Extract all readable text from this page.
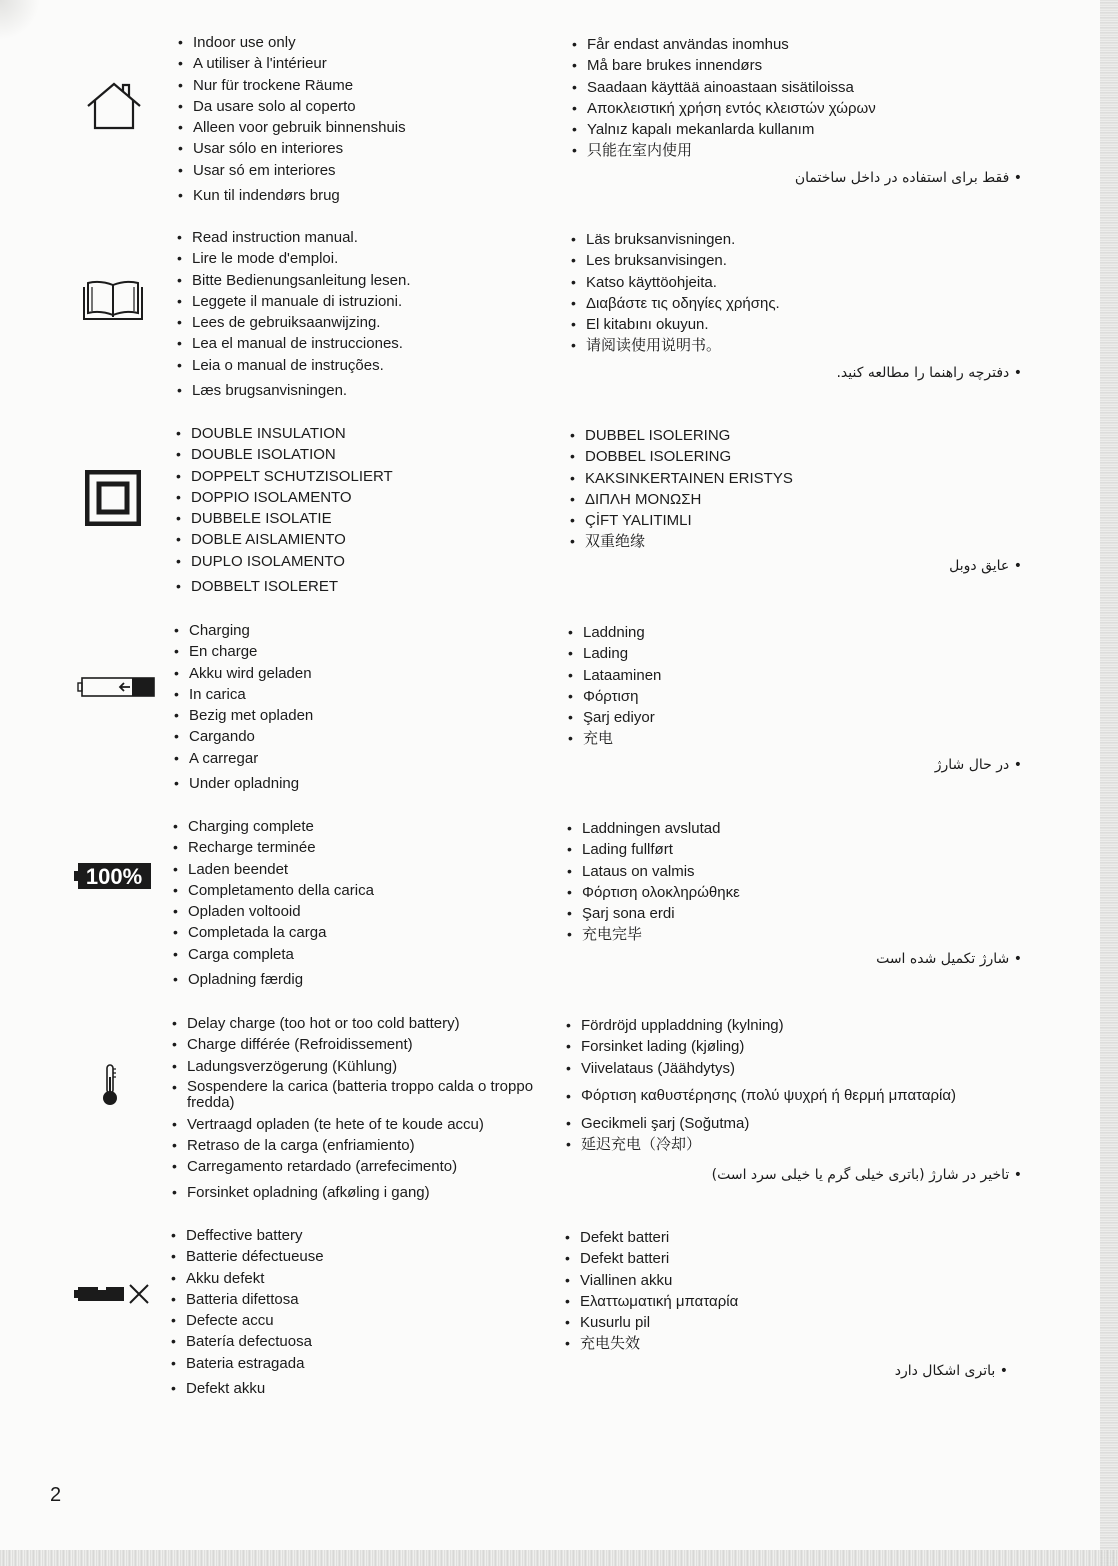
• Indoor use only
• A utiliser à l'intérieur
• Nur für trockene Räume
• Da usare solo al coperto
• Alleen voor gebruik binnenshuis
• Usar sólo en interiores
• Usar só em interiores
• Kun til indendørs brug
• Får endast användas inomhus
• Må bare brukes innendørs
• Saadaan käyttää ainoastaan sisätiloissa
• Αποκλειστική χρήση εντός κλειστών χώρων
• Yalnız kapalı mekanlarda kullanım
• 只能在室内使用
• فقط برای استفاده در داخل ساختمان
• Read instruction manual.
• Lire le mode d'emploi.
• Bitte Bedienungsanleitung lesen.
• Leggete il manuale di istruzioni.
• Lees de gebruiksaanwijzing.
• Lea el manual de instrucciones.
• Leia o manual de instruções.
• Læs brugsanvisningen.
• Läs bruksanvisningen.
• Les bruksanvisingen.
• Katso käyttöohjeita.
• Διαβάστε τις οδηγίες χρήσης.
• El kitabını okuyun.
• 请阅读使用说明书。
• دفترچه راهنما را مطالعه کنید.
• DOUBLE INSULATION
• DOUBLE ISOLATION
• DOPPELT SCHUTZISOLIERT
• DOPPIO ISOLAMENTO
• DUBBELE ISOLATIE
• DOBLE AISLAMIENTO
• DUPLO ISOLAMENTO
• DOBBELT ISOLERET
• DUBBEL ISOLERING
• DOBBEL ISOLERING
• KAKSINKERTAINEN ERISTYS
• ΔΙΠΛΗ ΜΟΝΩΣΗ
• ÇİFT YALITIMLI
• 双重绝缘
• عایق دوبل
• Charging
• En charge
• Akku wird geladen
• In carica
• Bezig met opladen
• Cargando
• A carregar
• Under opladning
• Laddning
• Lading
• Lataaminen
• Φόρτιση
• Şarj ediyor
• 充电
• در حال شارژ
100%
• Charging complete
• Recharge terminée
• Laden beendet
• Completamento della carica
• Opladen voltooid
• Completada la carga
• Carga completa
• Opladning færdig
• Laddningen avslutad
• Lading fullført
• Lataus on valmis
• Φόρτιση ολοκληρώθηκε
• Şarj sona erdi
• 充电完毕
• شارژ تکمیل شده است
• Delay charge (too hot or too cold battery)
• Charge différée (Refroidissement)
• Ladungsverzögerung (Kühlung)
• Sospendere la carica (batteria troppo calda o troppo fredda)
• Vertraagd opladen (te hete of te koude accu)
• Retraso de la carga (enfriamiento)
• Carregamento retardado (arrefecimento)
• Forsinket opladning (afkøling i gang)
• Fördröjd uppladdning (kylning)
• Forsinket lading (kjøling)
• Viivelataus (Jäähdytys)
• Φόρτιση καθυστέρησης (πολύ ψυχρή ή θερμή μπαταρία)
• Gecikmeli şarj (Soğutma)
• 延迟充电（冷却）
• تاخیر در شارژ (باتری خیلی گرم یا خیلی سرد است)
• Deffective battery
• Batterie défectueuse
• Akku defekt
• Batteria difettosa
• Defecte accu
• Batería defectuosa
• Bateria estragada
• Defekt akku
• Defekt batteri
• Defekt batteri
• Viallinen akku
• Ελαττωματική μπαταρία
• Kusurlu pil
• 充电失效
• باتری اشکال دارد
2
